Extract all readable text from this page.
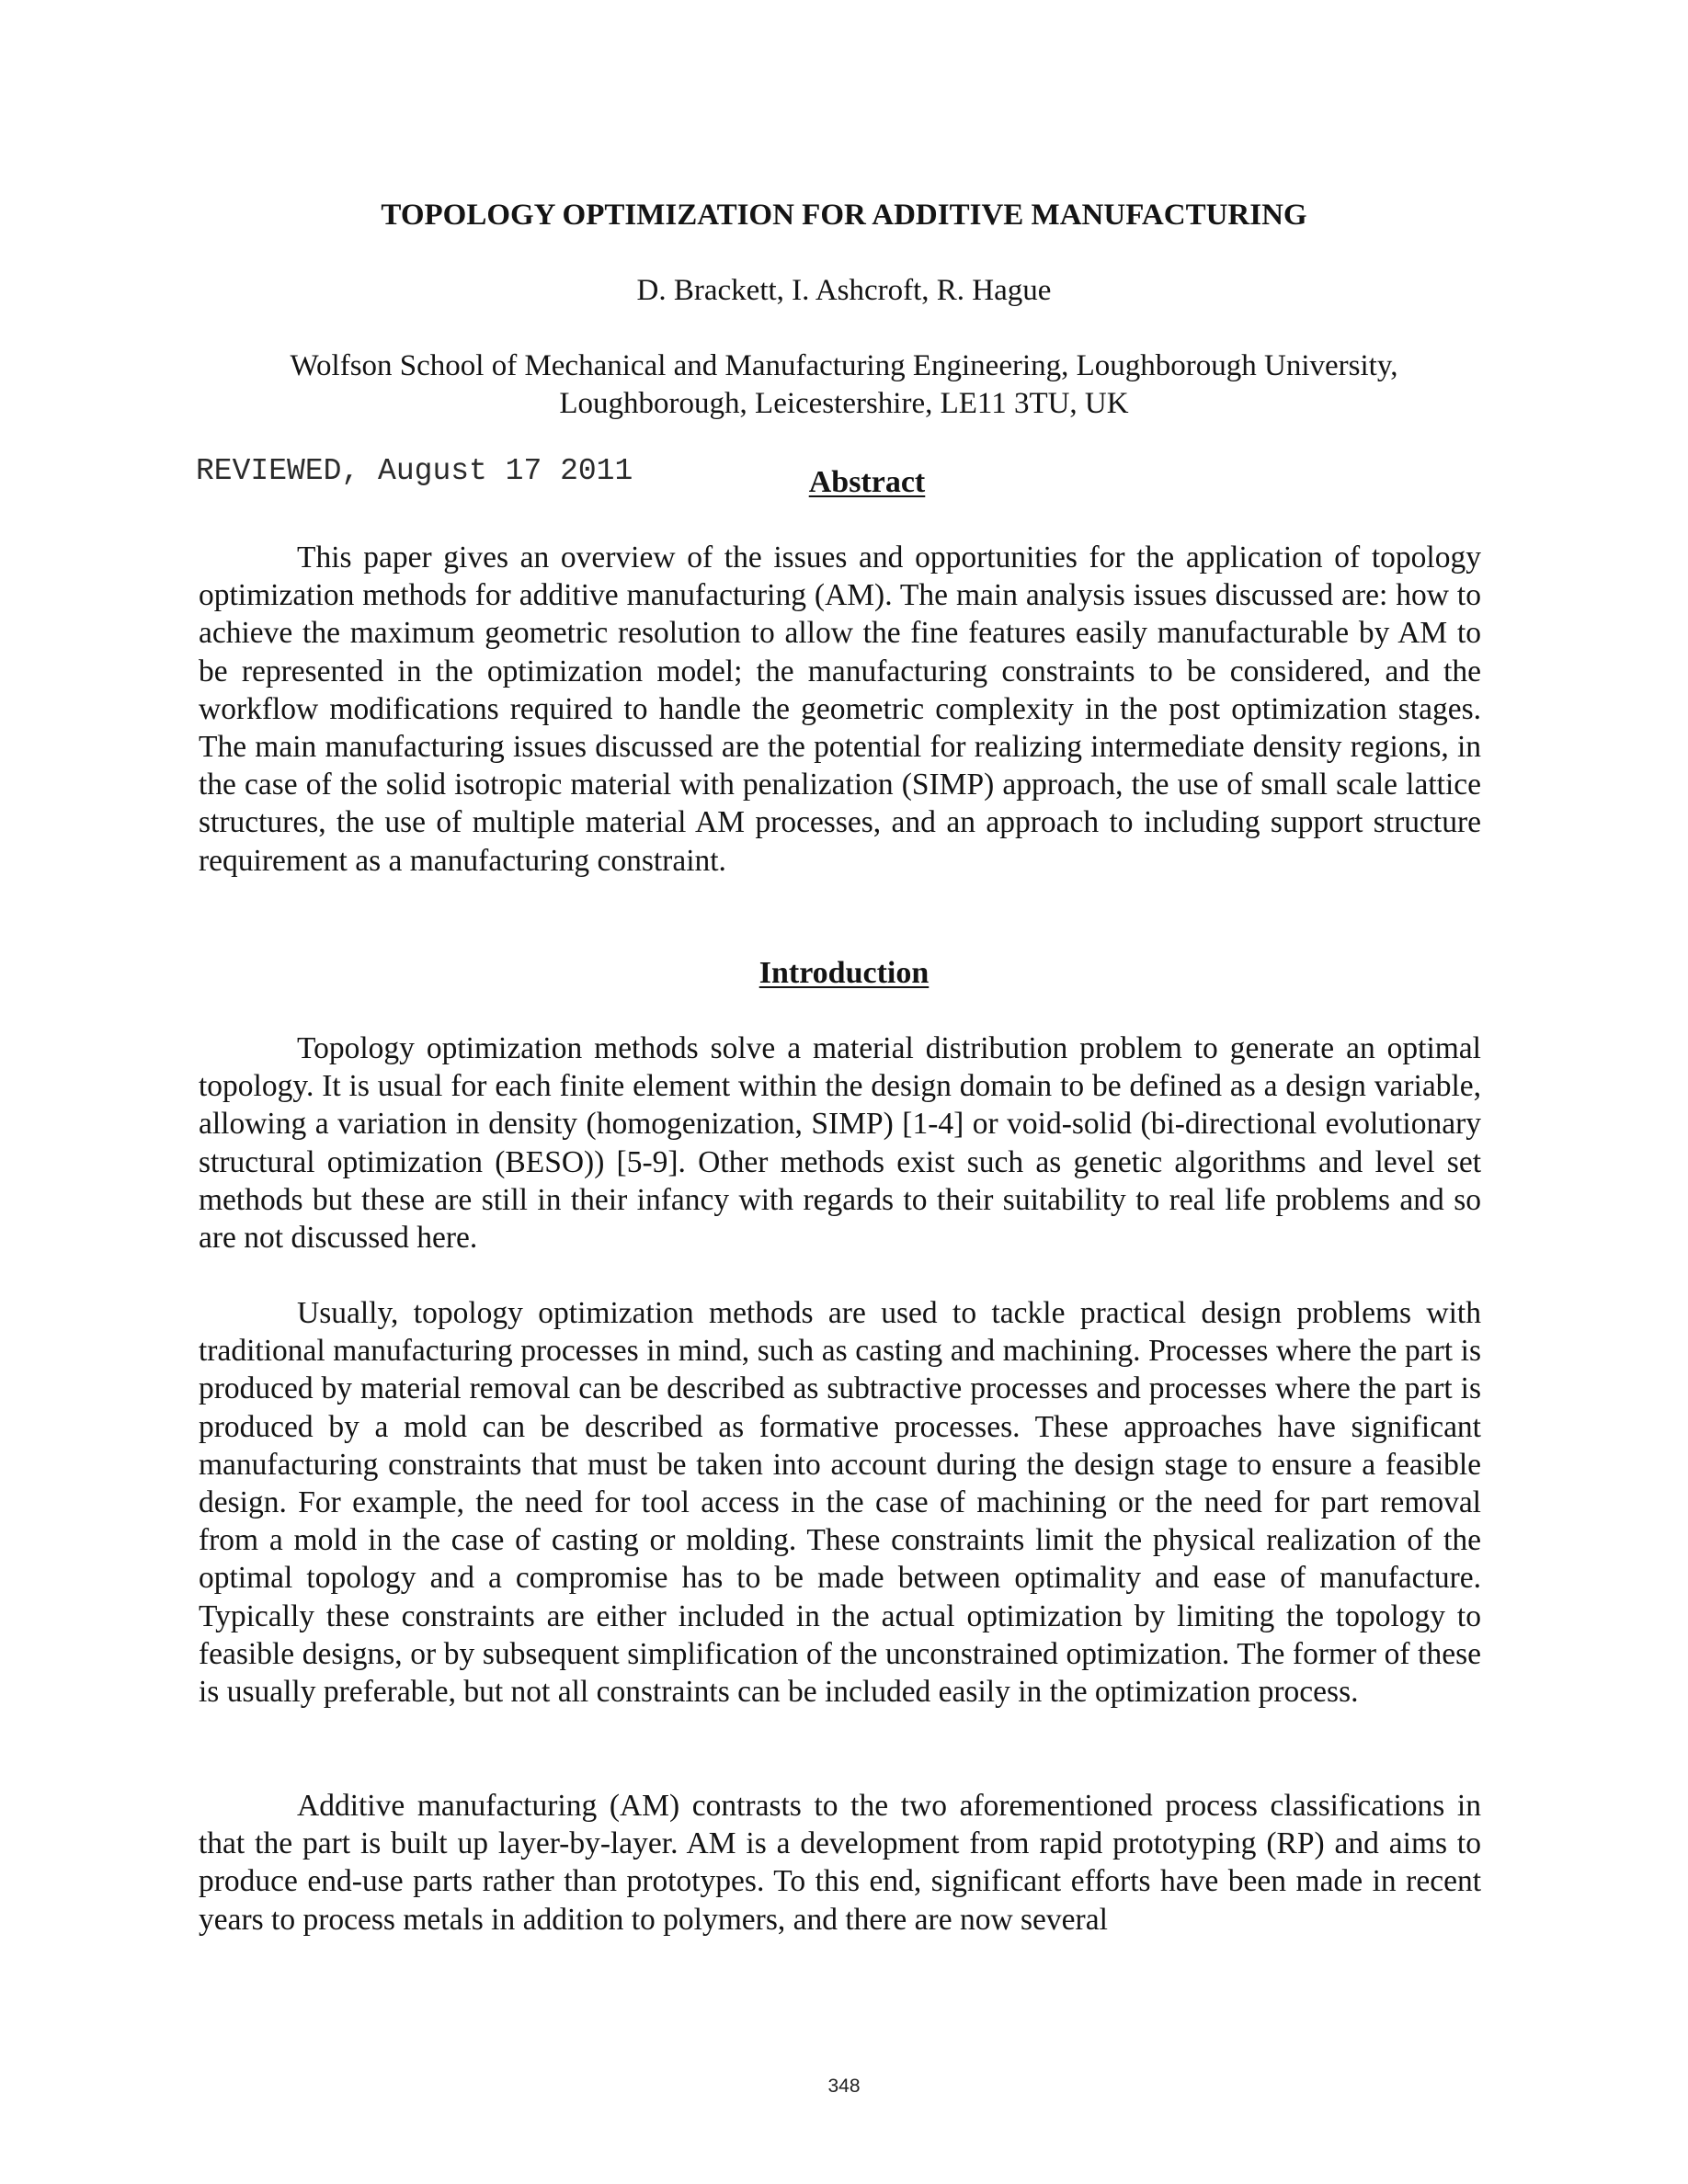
TOPOLOGY OPTIMIZATION FOR ADDITIVE MANUFACTURING
D. Brackett, I. Ashcroft, R. Hague
Wolfson School of Mechanical and Manufacturing Engineering, Loughborough University, Loughborough, Leicestershire, LE11 3TU, UK
REVIEWED, August 17 2011	Abstract

This paper gives an overview of the issues and opportunities for the application of topology optimization methods for additive manufacturing (AM). The main analysis issues discussed are: how to achieve the maximum geometric resolution to allow the fine features easily manufacturable by AM to be represented in the optimization model; the manufacturing constraints to be considered, and the workflow modifications required to handle the geometric complexity in the post optimization stages. The main manufacturing issues discussed are the potential for realizing intermediate density regions, in the case of the solid isotropic material with penalization (SIMP) approach, the use of small scale lattice structures, the use of multiple material AM processes, and an approach to including support structure requirement as a manufacturing constraint.

Introduction

Topology optimization methods solve a material distribution problem to generate an optimal topology. It is usual for each finite element within the design domain to be defined as a design variable, allowing a variation in density (homogenization, SIMP) [1-4] or void-solid (bi-directional evolutionary structural optimization (BESO)) [5-9]. Other methods exist such as genetic algorithms and level set methods but these are still in their infancy with regards to their suitability to real life problems and so are not discussed here.

Usually, topology optimization methods are used to tackle practical design problems with traditional manufacturing processes in mind, such as casting and machining. Processes where the part is produced by material removal can be described as subtractive processes and processes where the part is produced by a mold can be described as formative processes. These approaches have significant manufacturing constraints that must be taken into account during the design stage to ensure a feasible design. For example, the need for tool access in the case of machining or the need for part removal from a mold in the case of casting or molding. These constraints limit the physical realization of the optimal topology and a compromise has to be made between optimality and ease of manufacture. Typically these constraints are either included in the actual optimization by limiting the topology to feasible designs, or by subsequent simplification of the unconstrained optimization. The former of these is usually preferable, but not all constraints can be included easily in the optimization process.

Additive manufacturing (AM) contrasts to the two aforementioned process classifications in that the part is built up layer-by-layer. AM is a development from rapid prototyping (RP) and aims to produce end-use parts rather than prototypes. To this end, significant efforts have been made in recent years to process metals in addition to polymers, and there are now several

348
